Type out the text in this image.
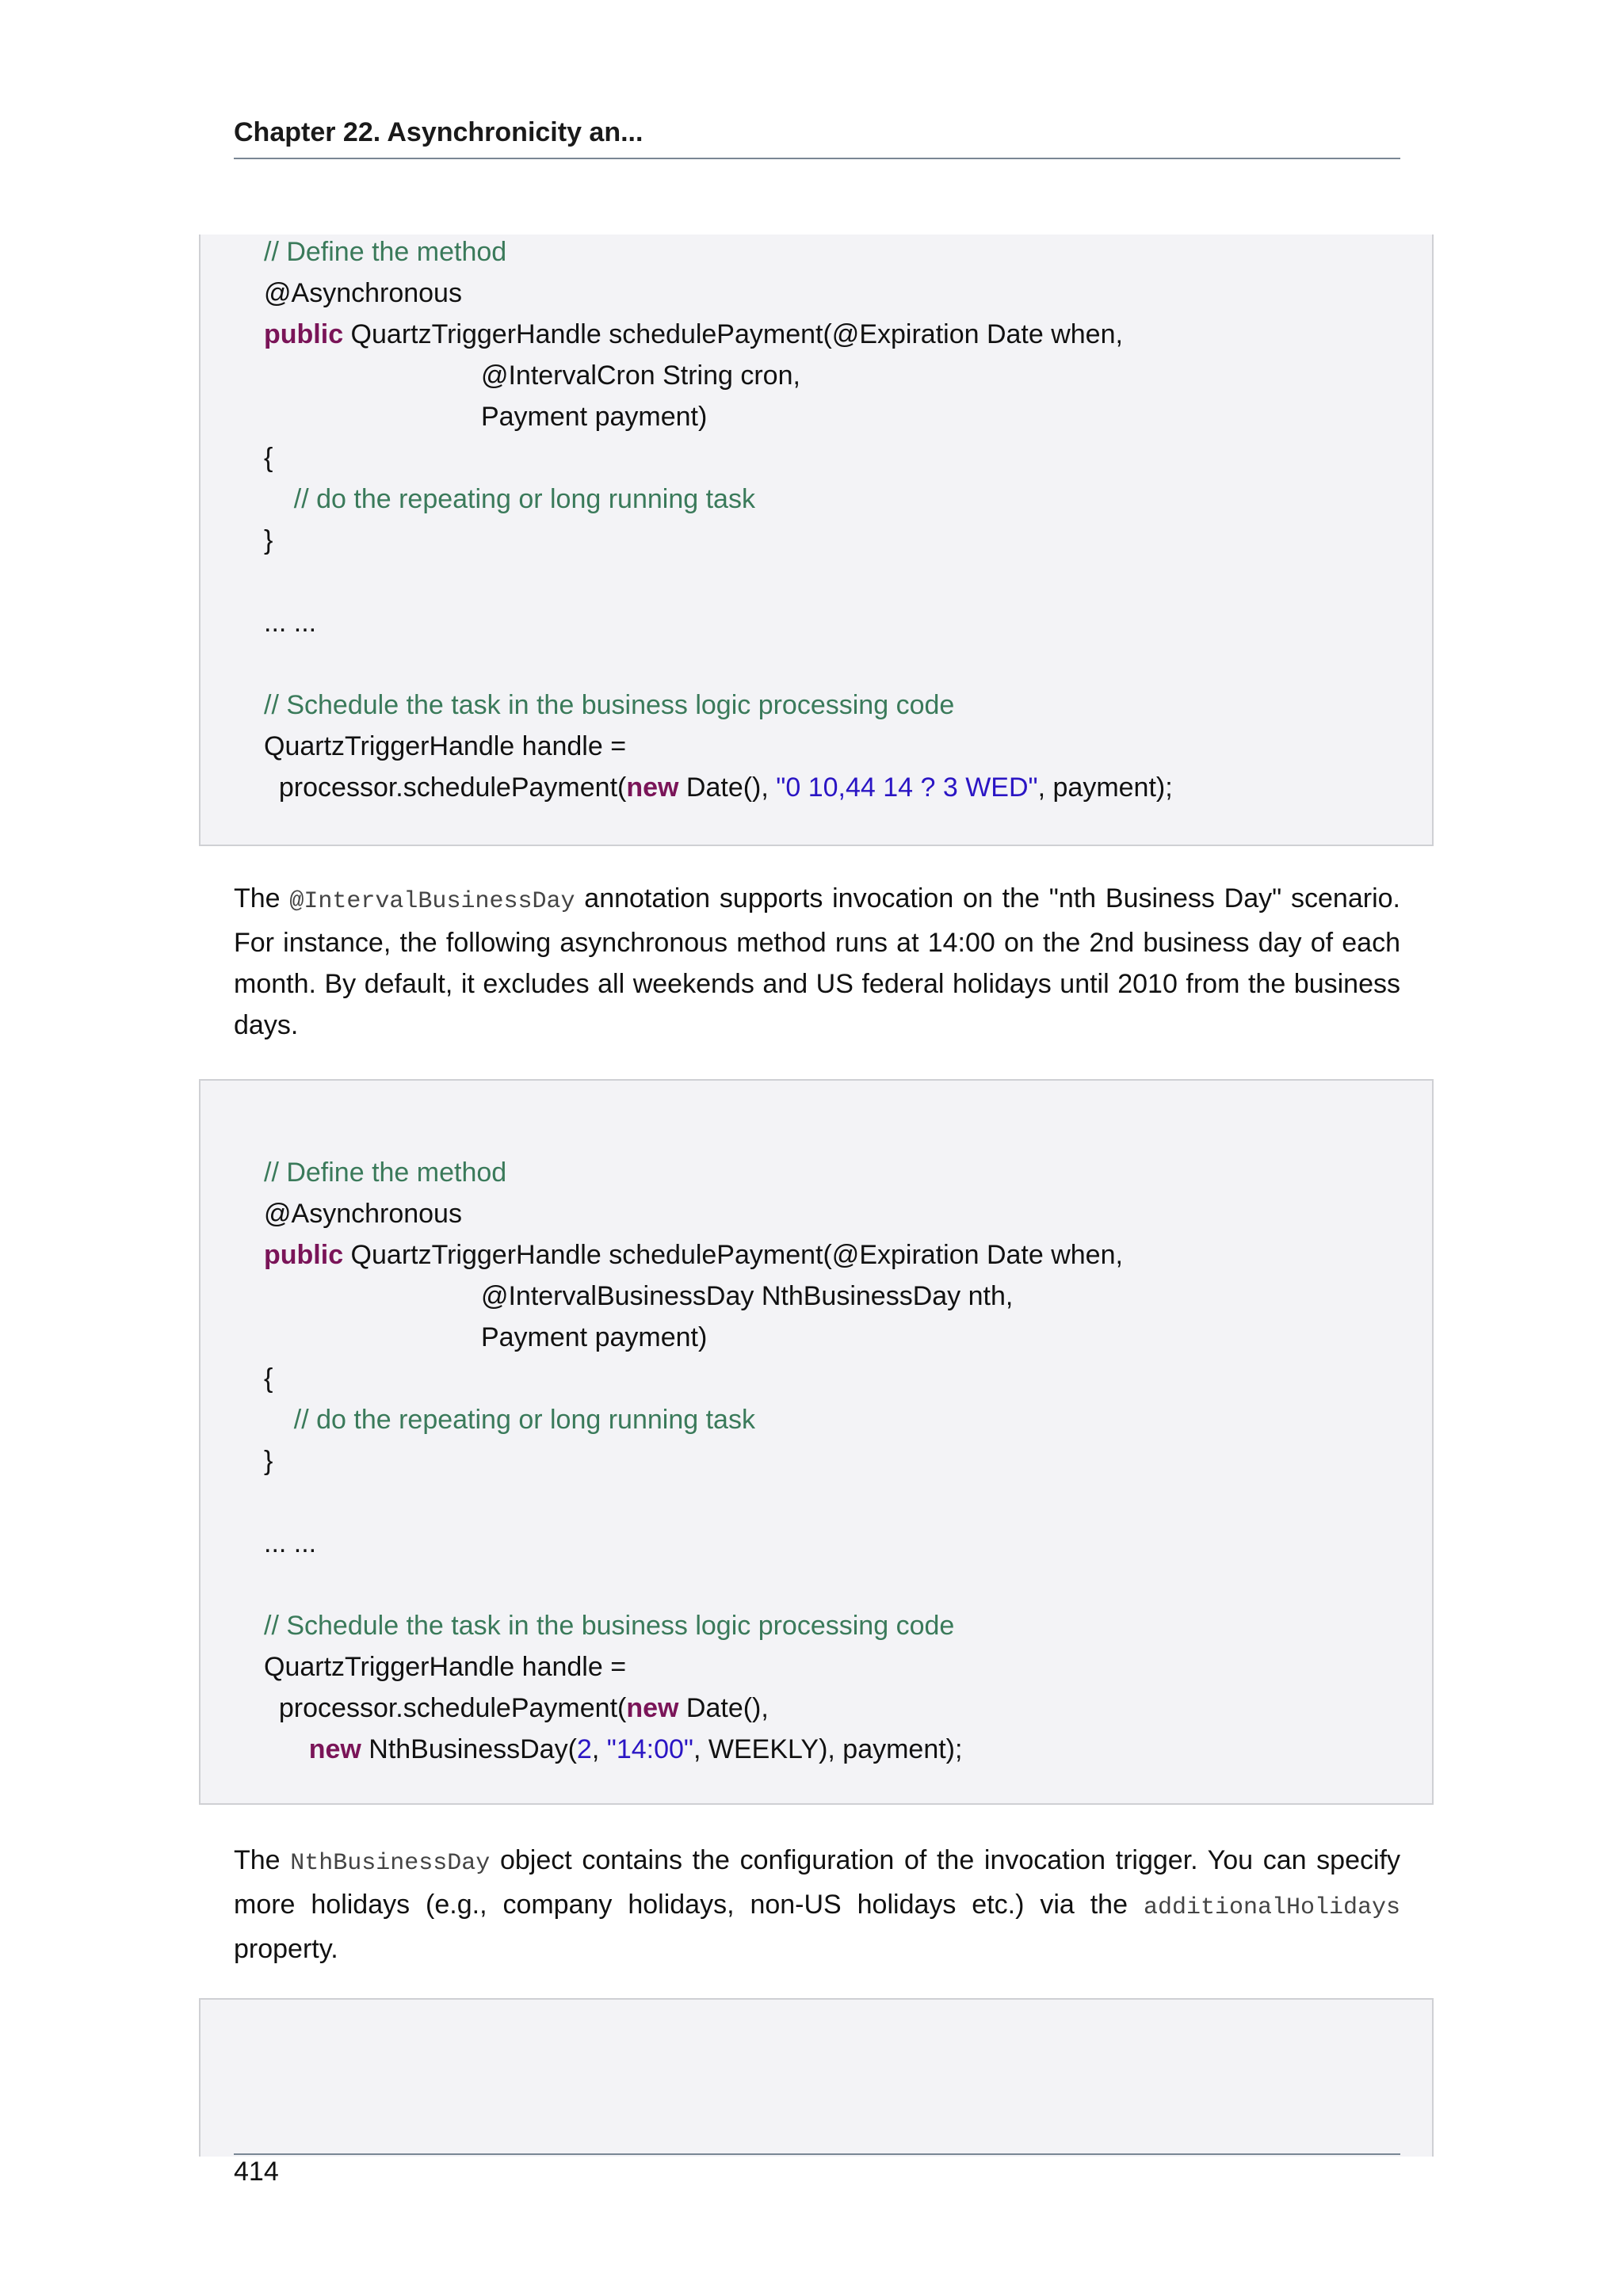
Chapter 22. Asynchronicity an...
// Define the method
@Asynchronous
public QuartzTriggerHandle schedulePayment(@Expiration Date when,
@IntervalCron String cron,
Payment payment)
{
// do the repeating or long running task
}
... ...
// Schedule the task in the business logic processing code
QuartzTriggerHandle handle =
processor.schedulePayment(new Date(), "0 10,44 14 ? 3 WED", payment);
The @IntervalBusinessDay annotation supports invocation on the "nth Business Day" scenario. For instance, the following asynchronous method runs at 14:00 on the 2nd business day of each month. By default, it excludes all weekends and US federal holidays until 2010 from the business days.
// Define the method
@Asynchronous
public QuartzTriggerHandle schedulePayment(@Expiration Date when,
@IntervalBusinessDay NthBusinessDay nth,
Payment payment)
{
// do the repeating or long running task
}
... ...
// Schedule the task in the business logic processing code
QuartzTriggerHandle handle =
processor.schedulePayment(new Date(),
new NthBusinessDay(2, "14:00", WEEKLY), payment);
The NthBusinessDay object contains the configuration of the invocation trigger. You can specify more holidays (e.g., company holidays, non-US holidays etc.) via the additionalHolidays property.
414
